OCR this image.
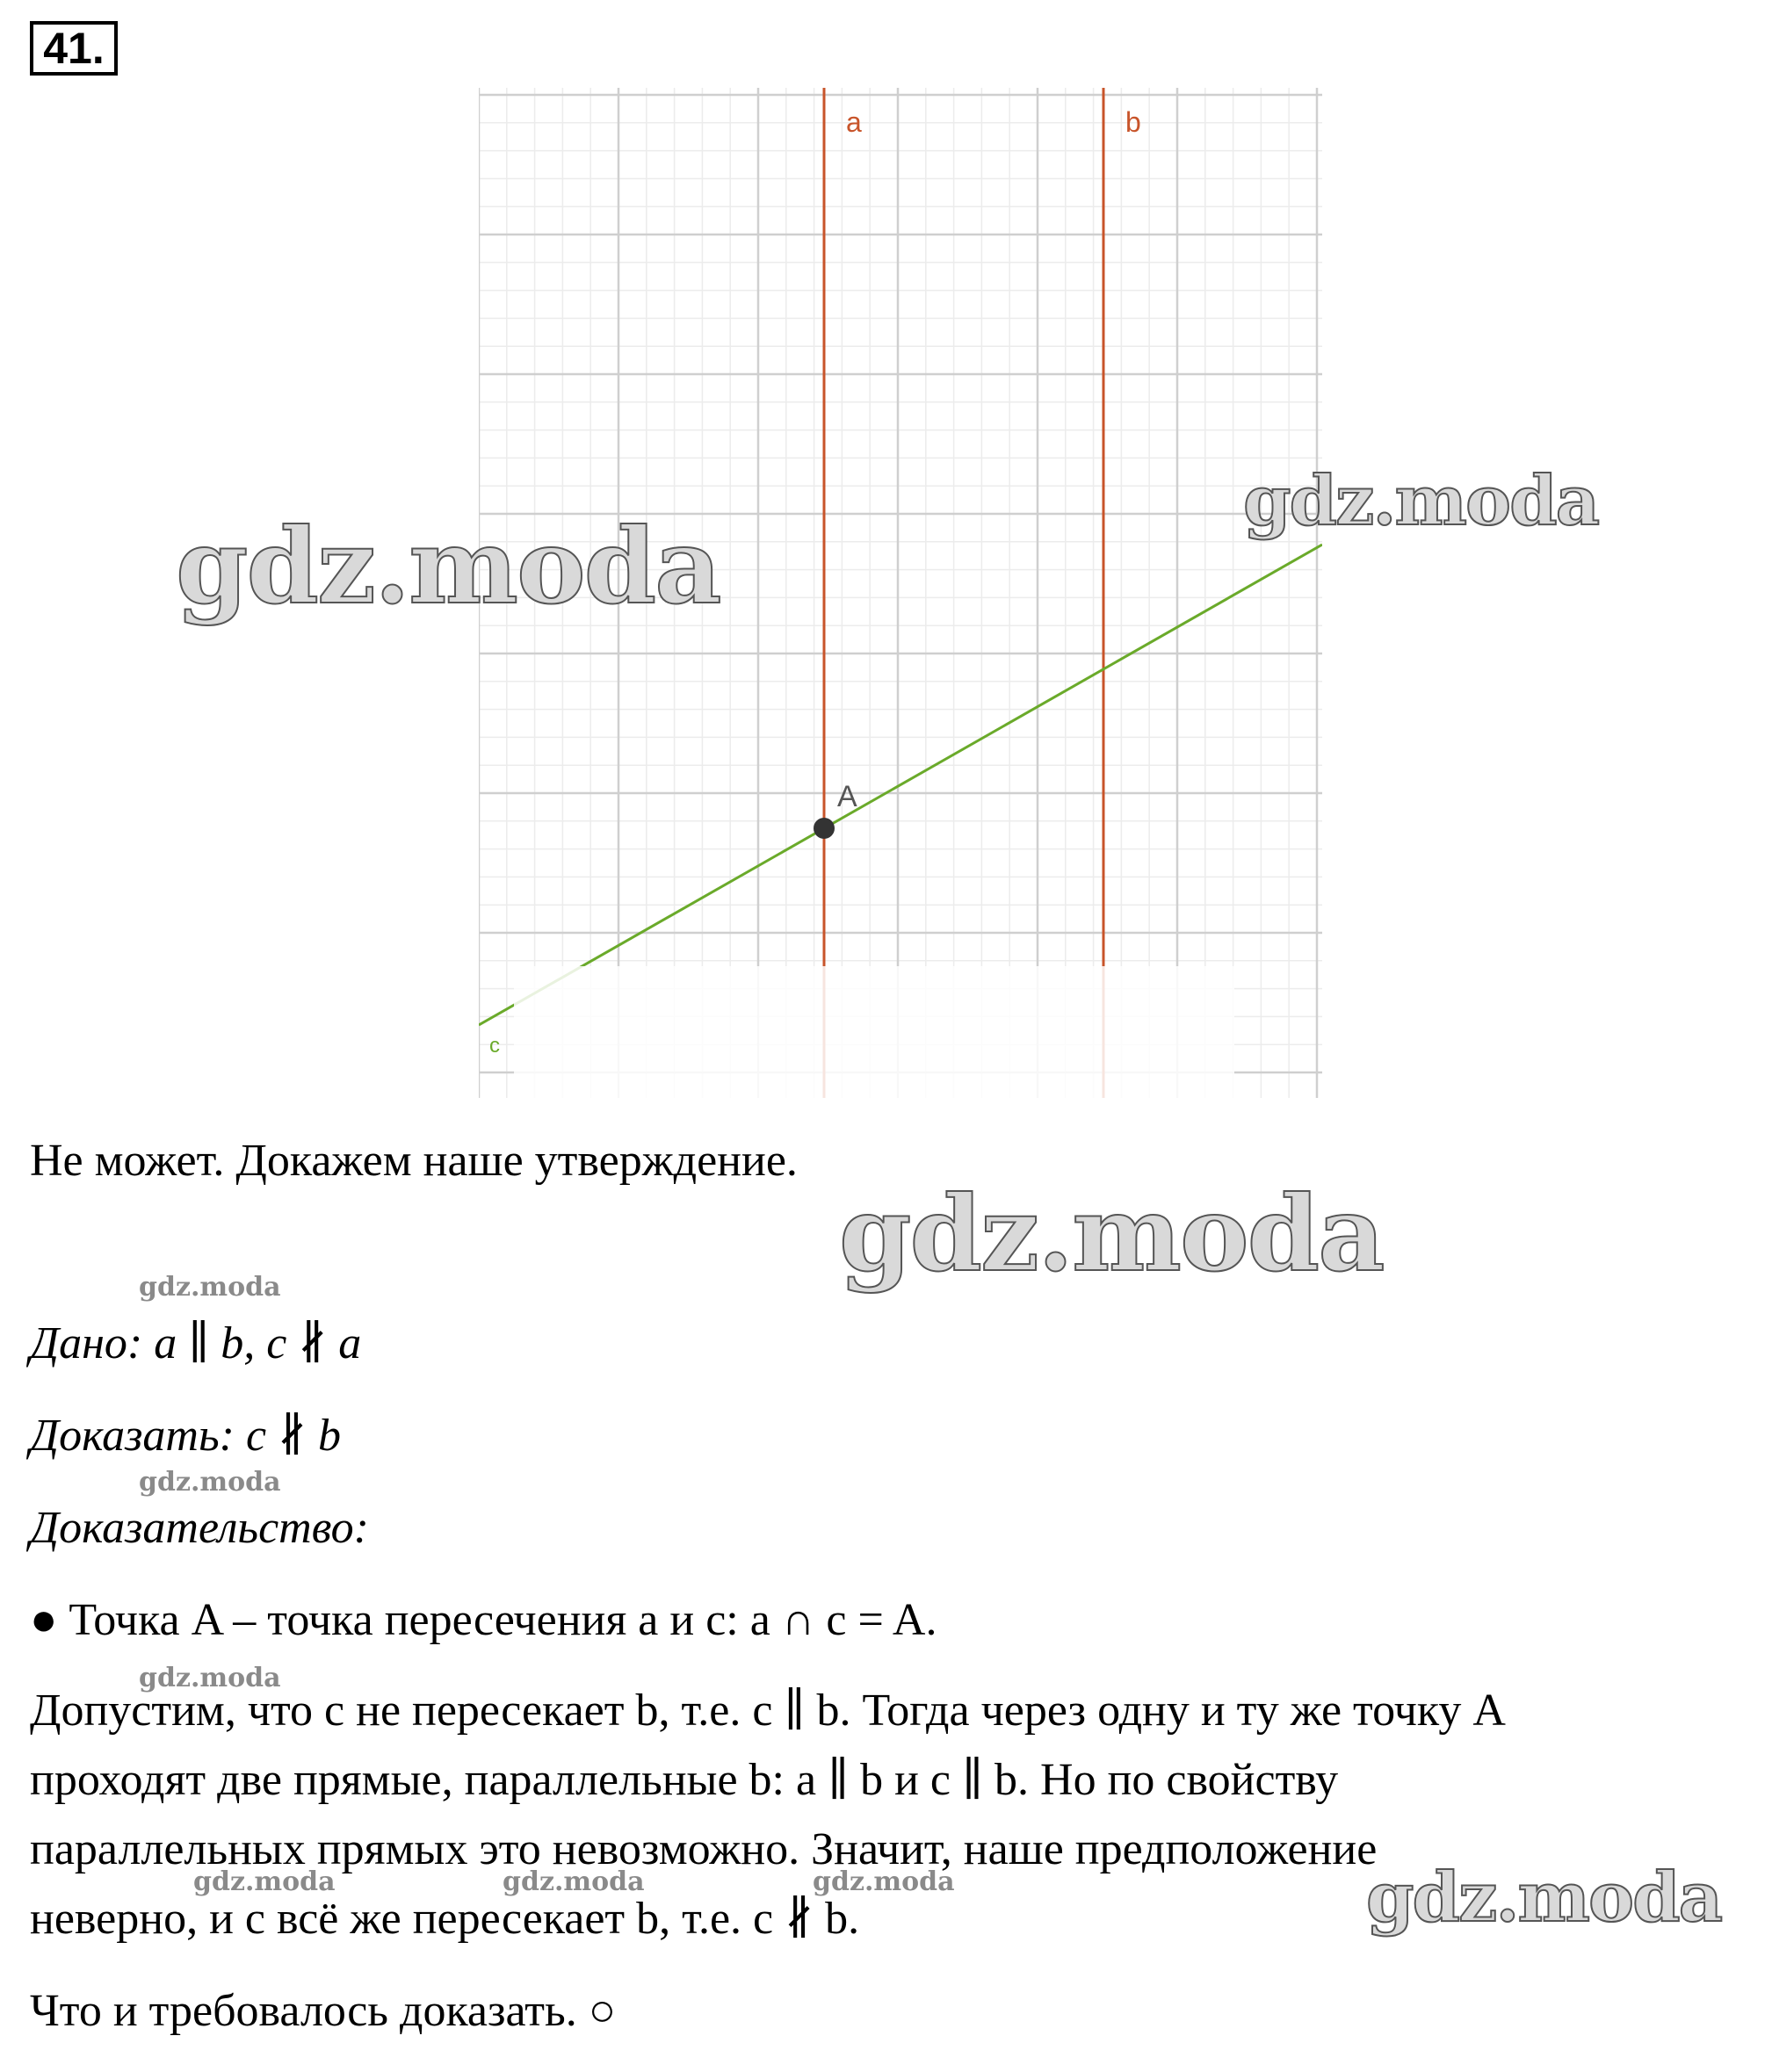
41.
a	b
c
A

Не может. Докажем наше утверждение.

Дано: a ∥ b, c ∦ a

Доказать: c ∦ b

Доказательство:

● Точка A – точка пересечения a и c: a ∩ c = A.

Допустим, что c не пересекает b, т.е. c ∥ b. Тогда через одну и ту же точку A

проходят две прямые, параллельные b: a ∥ b и c ∥ b. Но по свойству

параллельных прямых это невозможно. Значит, наше предположение

неверно, и c всё же пересекает b, т.е. c ∦ b.

Что и требовалось доказать. ○

gdz.moda
gdz.moda
gdz.moda
gdz.moda
gdz.moda
gdz.moda
gdz.moda
gdz.moda	gdz.moda	gdz.moda
